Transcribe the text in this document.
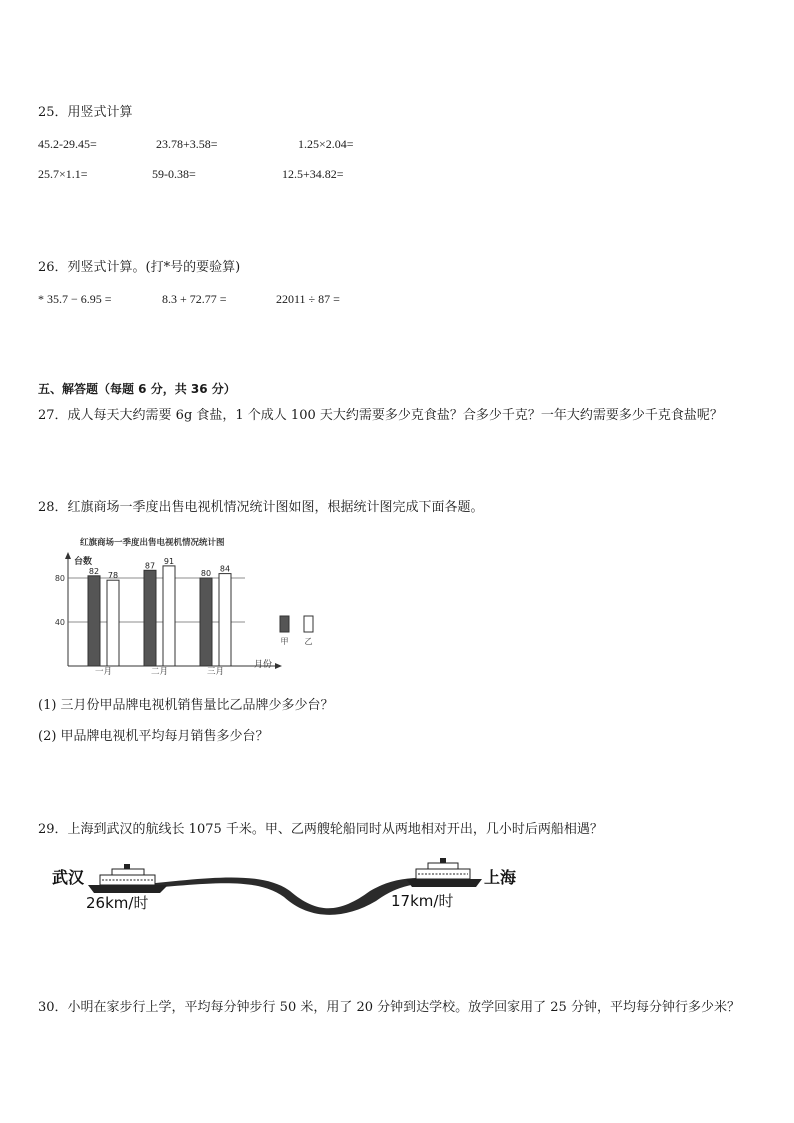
25．用竖式计算
45.2-29.45=	23.78+3.58=	1.25×2.04=
25.7×1.1=	59-0.38=	12.5+34.82=
26．列竖式计算。(打*号的要验算)
* 35.7 − 6.95 =	8.3 + 72.77 =	22011 ÷ 87 =
五、解答题（每题 6 分，共 36 分）
27．成人每天大约需要 6g 食盐，1 个成人 100 天大约需要多少克食盐？合多少千克？一年大约需要多少千克食盐呢？
28．红旗商场一季度出售电视机情况统计图如图，根据统计图完成下面各题。
红旗商场一季度出售电视机情况统计图
台数
月份
40
80
82 78
一月
87 91
二月
80 84
三月
甲 乙
(1) 三月份甲品牌电视机销售量比乙品牌少多少台？
(2) 甲品牌电视机平均每月销售多少台？
29．上海到武汉的航线长 1075 千米。甲、乙两艘轮船同时从两地相对开出，几小时后两船相遇？
武汉	上海
26km/时	17km/时
30．小明在家步行上学，平均每分钟步行 50 米，用了 20 分钟到达学校。放学回家用了 25 分钟，平均每分钟行多少米？
